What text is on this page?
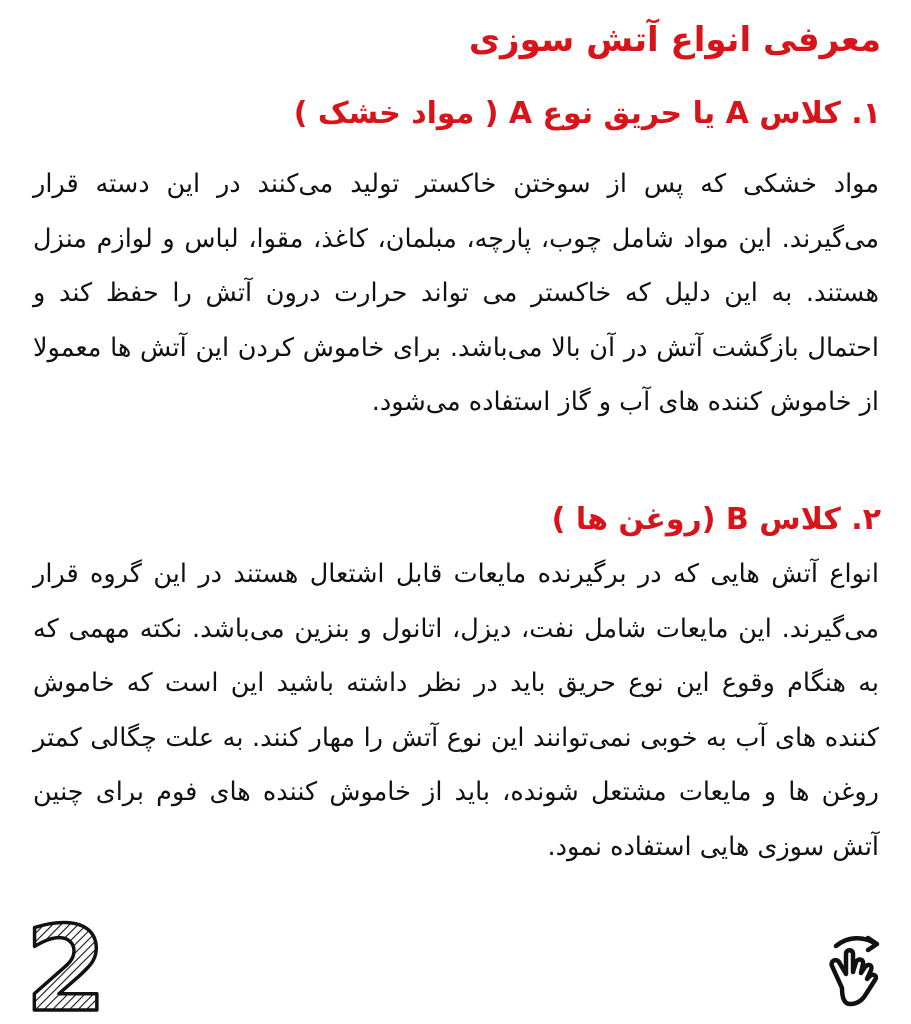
معرفی انواع آتش سوزی
۱. کلاس A یا حریق نوع A ( مواد خشک )

مواد خشکی که پس از سوختن خاکستر تولید می‌کنند در این دسته قرار می‌گیرند. این مواد شامل چوب، پارچه، مبلمان، کاغذ، مقوا، لباس و لوازم منزل هستند. به این دلیل که خاکستر می تواند حرارت درون آتش را حفظ کند و احتمال بازگشت آتش در آن بالا می‌باشد. برای خاموش کردن این آتش ها معمولا از خاموش کننده های آب و گاز استفاده می‌شود.

۲. کلاس B (روغن ها )

انواع آتش هایی که در برگیرنده مایعات قابل اشتعال هستند در این گروه قرار می‌گیرند. این مایعات شامل نفت، دیزل، اتانول و بنزین می‌باشد. نکته مهمی که به هنگام وقوع این نوع حریق باید در نظر داشته باشید این است که خاموش کننده های آب به خوبی نمی‌توانند این نوع آتش را مهار کنند. به علت چگالی کمتر روغن ها و مایعات مشتعل شونده، باید از خاموش کننده های فوم برای چنین آتش سوزی هایی استفاده نمود.

2
